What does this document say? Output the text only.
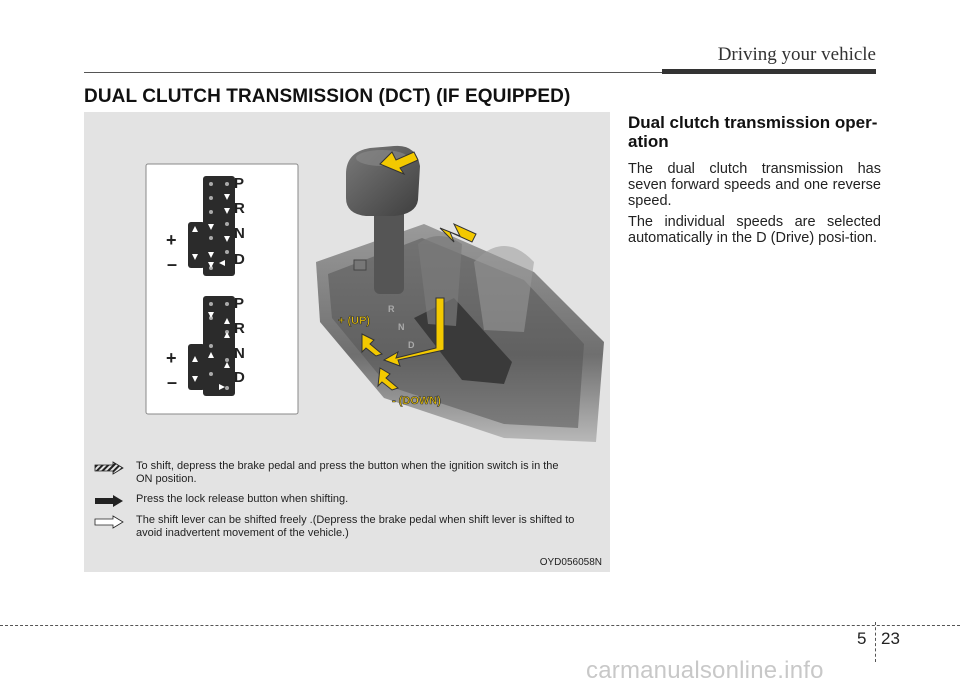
Driving your vehicle
DUAL CLUTCH TRANSMISSION (DCT) (IF EQUIPPED)
P
R
N
D
+
–
P
R
N
D
+
–
R
N
D
+ (UP)
- (DOWN)
To shift, depress the brake pedal and press the button when the ignition switch is in the ON position.
Press the lock release button when shifting.
The shift lever can be shifted freely .(Depress the brake pedal when shift lever is shifted to avoid inadvertent movement of the vehicle.)
OYD056058N
Dual clutch transmission oper-ation

The dual clutch transmission has seven forward speeds and one reverse speed.

The individual speeds are selected automatically in the D (Drive) posi-tion.

5 23
carmanualsonline.info
